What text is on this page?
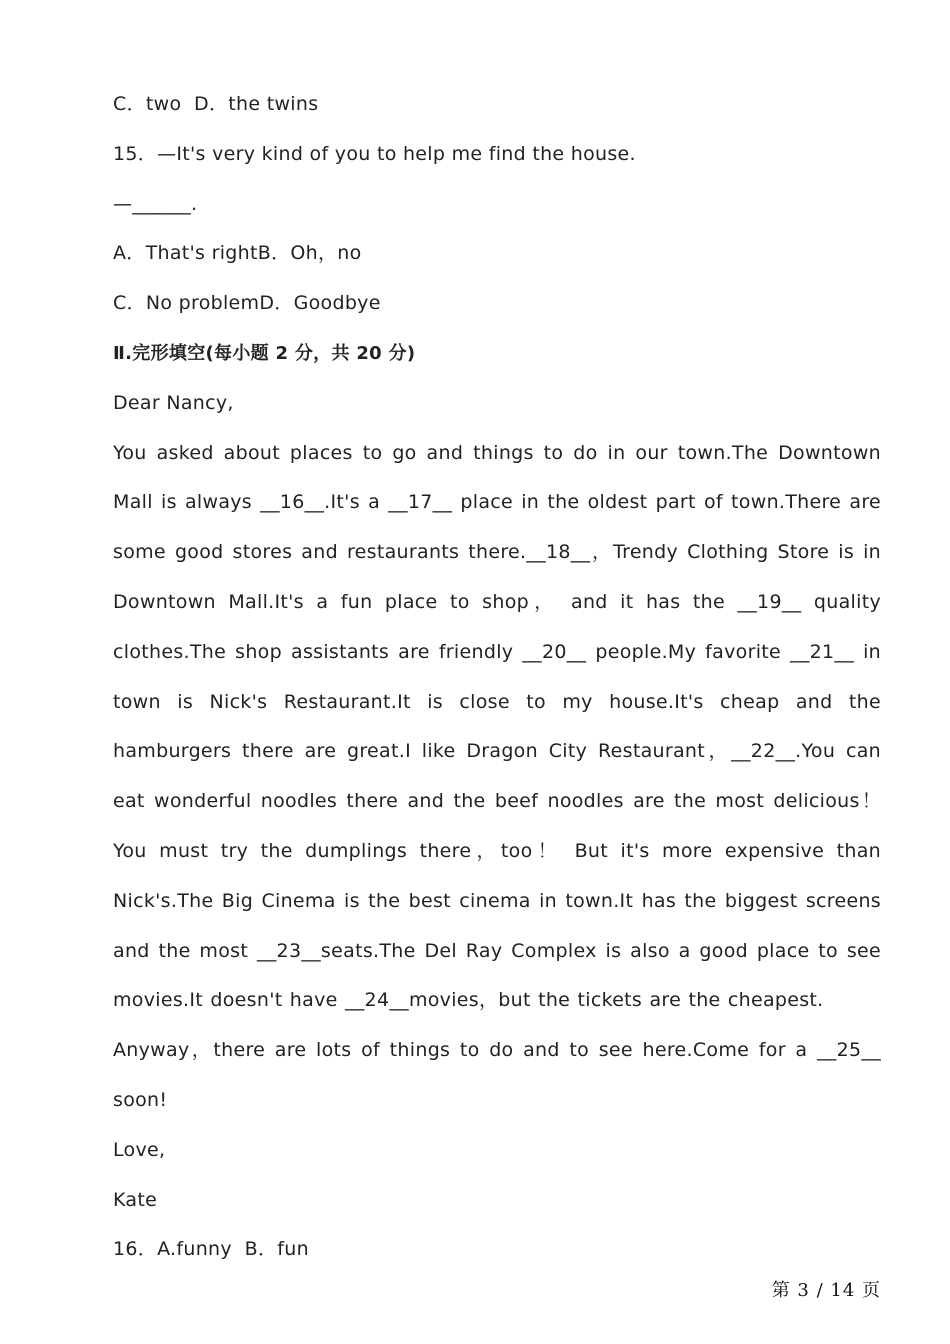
C．two  D．the twins
15．—It's very kind of you to help me find the house.
—______.
A．That's rightB．Oh，no
C．No problemD．Goodbye
Ⅱ.完形填空(每小题 2 分，共 20 分)
Dear Nancy,
You asked about places to go and things to do in our town.The Downtown Mall is always __16__.It's a __17__ place in the oldest part of town.There are some good stores and restaurants there.__18__，Trendy Clothing Store is in Downtown Mall.It's a fun place to shop， and it has the __19__ quality clothes.The shop assistants are friendly __20__ people.My favorite __21__ in town is Nick's Restaurant.It is close to my house.It's cheap and the hamburgers there are great.I like Dragon City Restaurant，__22__.You can eat wonderful noodles there and the beef noodles are the most delicious！ You must try the dumplings there，too！ But it's more expensive than Nick's.The Big Cinema is the best cinema in town.It has the biggest screens and the most __23__seats.The Del Ray Complex is also a good place to see movies.It doesn't have __24__movies，but the tickets are the cheapest.
Anyway，there are lots of things to do and to see here.Come for a __25__ soon!
Love,
Kate
16．A.funny  B．fun
第 3 / 14 页
